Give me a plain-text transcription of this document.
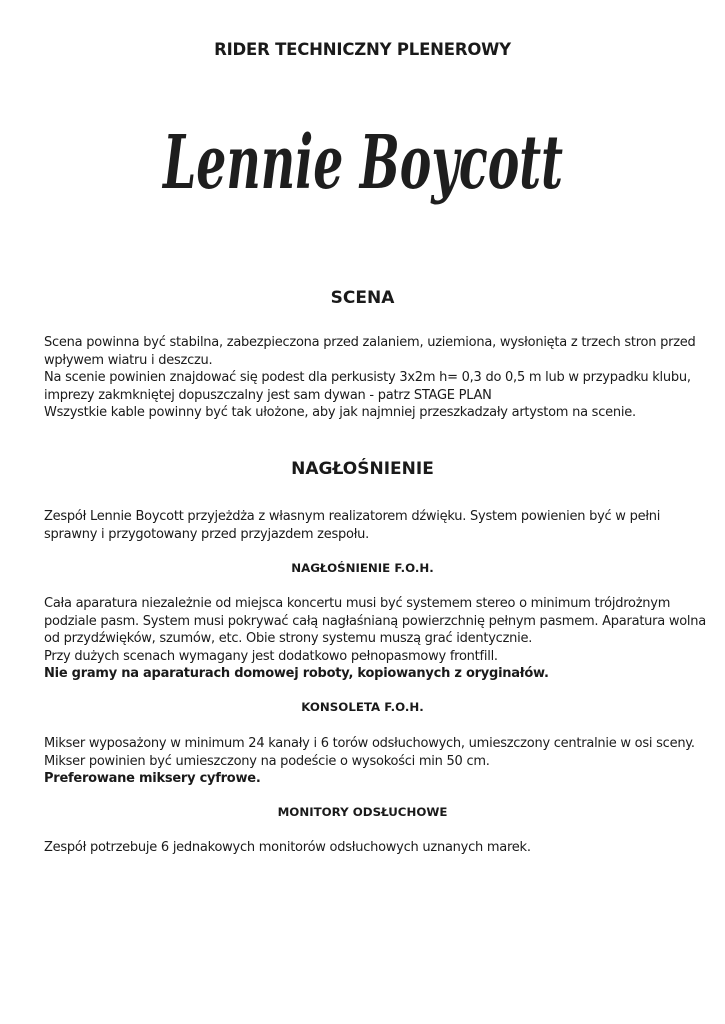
RIDER TECHNICZNY PLENEROWY
Lennie Boycott
SCENA

Scena powinna być stabilna, zabezpieczona przed zalaniem, uziemiona, wysłonięta z trzech stron przed
wpływem wiatru i deszczu.
Na scenie powinien znajdować się podest dla perkusisty 3x2m h= 0,3 do 0,5 m lub w przypadku klubu,
imprezy zakmkniętej dopuszczalny jest sam dywan - patrz STAGE PLAN
Wszystkie kable powinny być tak ułożone, aby jak najmniej przeszkadzały artystom na scenie.

NAGŁOŚNIENIE

Zespół Lennie Boycott przyjeżdża z własnym realizatorem dźwięku. System powienien być w pełni
sprawny i przygotowany przed przyjazdem zespołu.

NAGŁOŚNIENIE F.O.H.

Cała aparatura niezależnie od miejsca koncertu musi być systemem stereo o minimum trójdrożnym
podziale pasm. System musi pokrywać całą nagłaśnianą powierzchnię pełnym pasmem. Aparatura wolna
od przydźwięków, szumów, etc. Obie strony systemu muszą grać identycznie.
Przy dużych scenach wymagany jest dodatkowo pełnopasmowy frontfill.
Nie gramy na aparaturach domowej roboty, kopiowanych z oryginałów.

KONSOLETA F.O.H.

Mikser wyposażony w minimum 24 kanały i 6 torów odsłuchowych, umieszczony centralnie w osi sceny.
Mikser powinien być umieszczony na podeście o wysokości min 50 cm.
Preferowane miksery cyfrowe.

MONITORY ODSŁUCHOWE

Zespół potrzebuje 6 jednakowych monitorów odsłuchowych uznanych marek.
